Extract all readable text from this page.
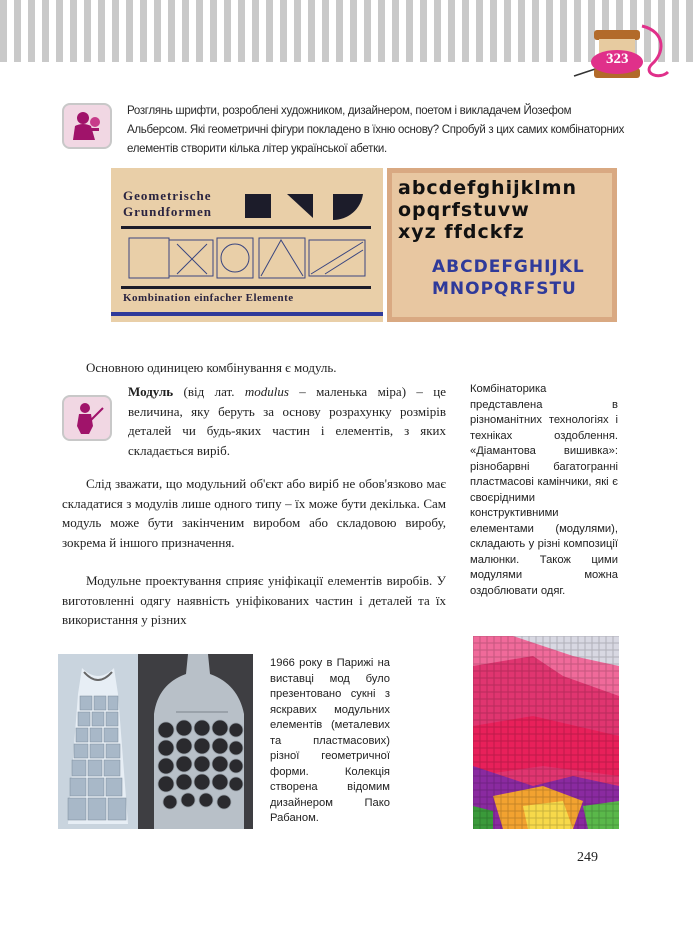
323
Розглянь шрифти, розроблені художником, дизайнером, поетом і викладачем Йозефом Альберсом. Які геометричні фігури покладено в їхню основу? Спробуй з цих самих комбінаторних елементів створити кілька літер української абетки.
Geometrische
Grundformen
Kombination einfacher Elemente
abcdefghijklmn
opqrfstuvw
xyz ffdckfz
ABCDEFGHIJKL
MNOPQRFSTU
Основною одиницею комбінування є модуль.
Модуль (від лат. modulus – маленька міра) – це величина, яку беруть за основу розрахунку розмірів деталей чи будь-яких частин і елементів, з яких складається виріб.
Слід зважати, що модульний об'єкт або виріб не обов'язково має складатися з модулів лише одного типу – їх може бути декілька. Сам модуль може бути закінченим виробом або складовою виробу, зокрема й іншого призначення.
Модульне проектування сприяє уніфікації елементів виробів. У виготовленні одягу наявність уніфікованих частин і деталей та їх використання у різних
Комбінаторика представлена в різноманітних технологіях і техніках оздоблення. «Діамантова вишивка»: різнобарвні багатогранні пластмасові камінчики, які є своєрідними конструктивними елементами (модулями), складають у різні композиції малюнки. Також цими модулями можна оздоблювати одяг.
1966 року в Парижі на виставці мод було презентовано сукні з яскравих модульних елементів (металевих та пластмасових) різної геометричної форми. Колекція створена відомим дизайнером Пако Рабаном.
249
